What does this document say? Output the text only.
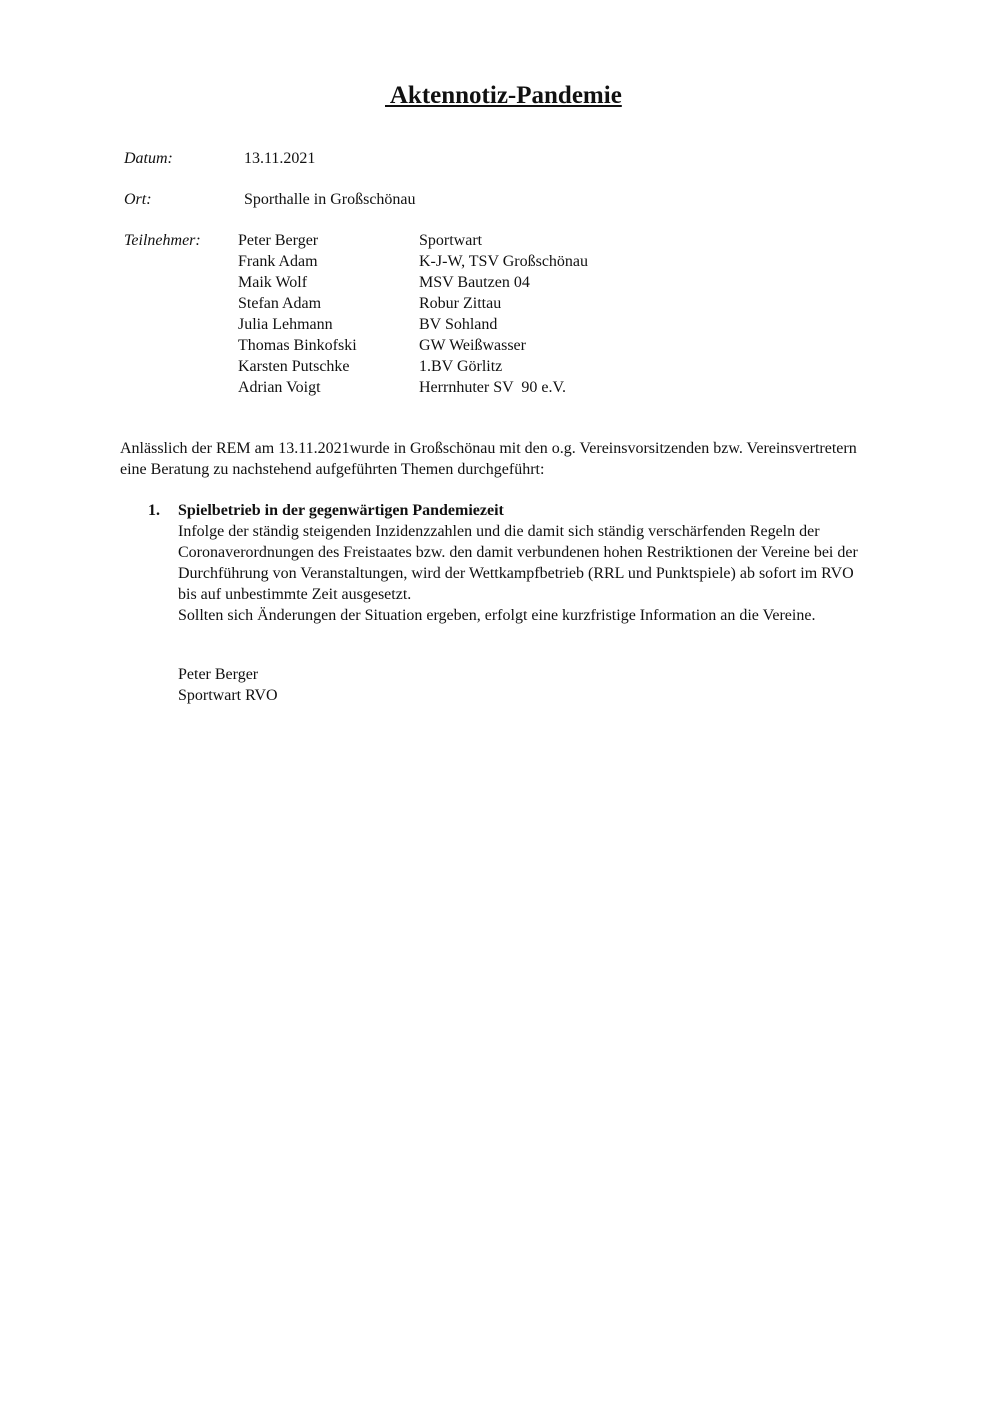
Aktennotiz-Pandemie
Datum:	13.11.2021
Ort:	Sporthalle in Großschönau
Teilnehmer: Peter Berger	Sportwart
Frank Adam	K-J-W, TSV Großschönau
Maik Wolf	MSV Bautzen 04
Stefan Adam	Robur Zittau
Julia Lehmann	BV Sohland
Thomas Binkofski	GW Weißwasser
Karsten Putschke	1.BV Görlitz
Adrian Voigt	Herrnhuter SV  90 e.V.
Anlässlich der REM am 13.11.2021wurde in Großschönau mit den o.g. Vereinsvorsitzenden bzw. Vereinsvertretern
eine Beratung zu nachstehend aufgeführten Themen durchgeführt:
1.	Spielbetrieb in der gegenwärtigen Pandemiezeit
Infolge der ständig steigenden Inzidenzzahlen und die damit sich ständig verschärfenden Regeln der
Coronaverordnungen des Freistaates bzw. den damit verbundenen hohen Restriktionen der Vereine bei der
Durchführung von Veranstaltungen, wird der Wettkampfbetrieb (RRL und Punktspiele) ab sofort im RVO
bis auf unbestimmte Zeit ausgesetzt.
Sollten sich Änderungen der Situation ergeben, erfolgt eine kurzfristige Information an die Vereine.
Peter Berger
Sportwart RVO
